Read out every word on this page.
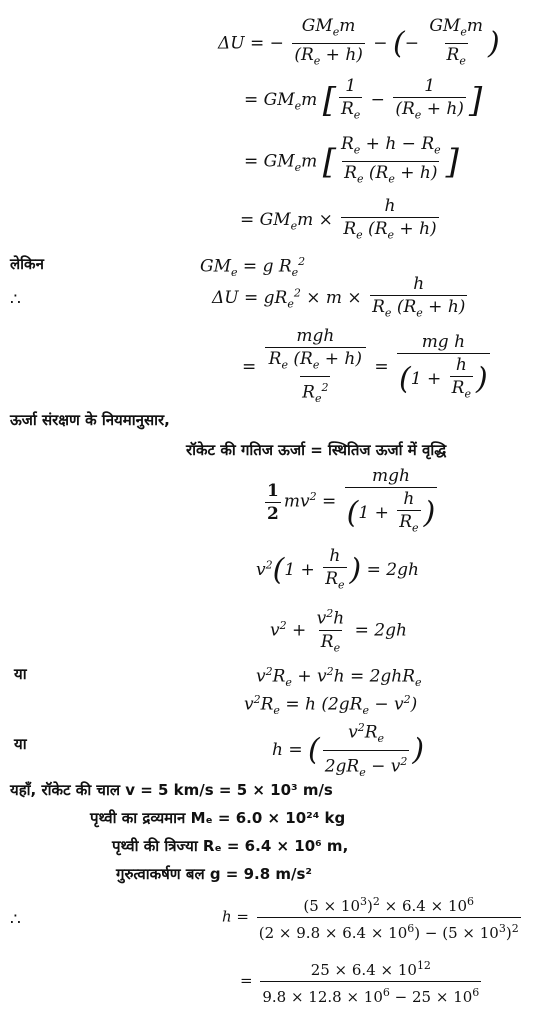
ΔU = − $\frac{GM_em}{(R_e + h)}$ − (− $\frac{GM_em}{R_e}$ )
= $GM_em$ [ $\frac{1}{R_e} - \frac{1}{(R_e + h)}$ ]
= $GM_em$ [ $\frac{R_e + h - R_e}{R_e (R_e + h)}$ ]
= $GM_em \times \frac{h}{R_e (R_e + h)}$
लेकिन	$GM_e = g$ $R_e^2$
∴	$\Delta U = gR_e^2 \times m \times \frac{h}{R_e (R_e + h)}$
= $\frac{\text{mgh}}{\frac{R_e (R_e + h)}{R_e^2}} = \frac{\text{mg h}}{(1 + \frac{h}{R_e} )}$
ऊर्जा संरक्षण के नियमानुसार,
रॉकेट की गतिज ऊर्जा = स्थितिज ऊर्जा में वृद्धि
$\frac{1}{2} mv^2 = \frac{\text{mgh}}{(1 + \frac{h}{R_e} )}$
$v^2(1 + \frac{h}{R_e}$ ) = 2gh
$v^2 + \frac{v^2h}{R_e} = 2gh$
या	$v^2R_e + v^2h = 2ghR_e$
$v^2R_e = h$ $(2gR_e - v^2)$
या	h = ( $\frac{v^2R_e}{2gR_e - v^2}$ )
यहाँ, रॉकेट की चाल v = 5 km/s = 5 × 10³ m/s
पृथ्वी का द्रव्यमान Mₑ = 6.0 × 10²⁴ kg
पृथ्वी की त्रिज्या Rₑ = 6.4 × 10⁶ m,
गुरुत्वाकर्षण बल g = 9.8 m/s²
∴	$h = \frac{(5 \times 10^3)^2 \times 6.4 \times 10^6}{(2 \times 9.8 \times 6.4 \times 10^6) - (5 \times 10^3)^2}$
= $\frac{25 \times 6.4 \times 10^{12}}{9.8 \times 12.8 \times 10^6 - 25 \times 10^6}$
